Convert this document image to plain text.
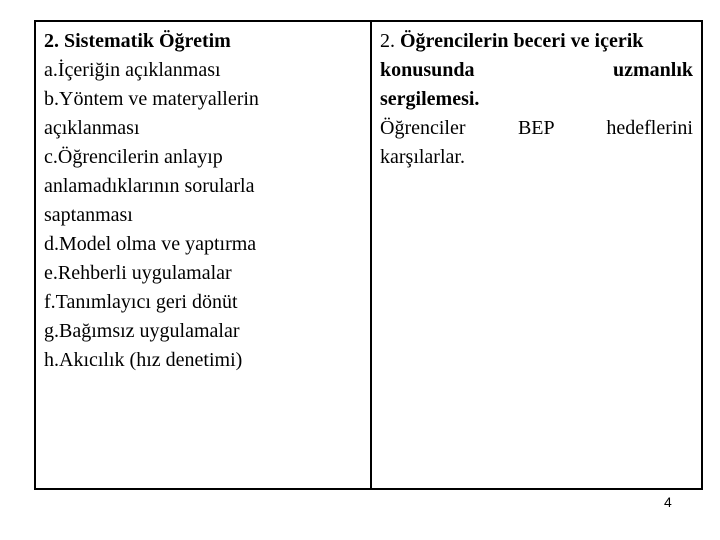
2. Sistematik Öğretim
a.İçeriğin açıklanması
b.Yöntem ve materyallerin
açıklanması
c.Öğrencilerin anlayıp
anlamadıklarının sorularla
saptanması
d.Model olma ve yaptırma
e.Rehberli uygulamalar
f.Tanımlayıcı geri dönüt
g.Bağımsız uygulamalar
h.Akıcılık (hız denetimi)
2. Öğrencilerin beceri ve içerik
konusunda uzmanlık
sergilemesi.
Öğrenciler BEP hedeflerini
karşılarlar.
4
